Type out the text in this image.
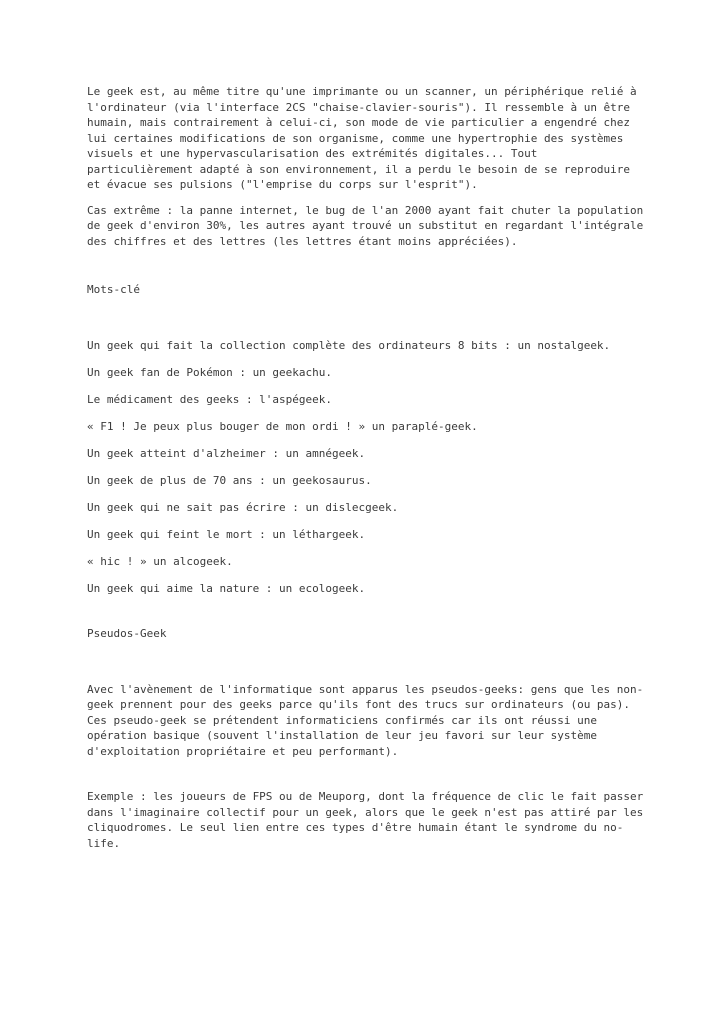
Le geek est, au même titre qu'une imprimante ou un scanner, un périphérique relié à l'ordinateur (via l'interface 2CS "chaise-clavier-souris"). Il ressemble à un être humain, mais contrairement à celui-ci, son mode de vie particulier a engendré chez lui certaines modifications de son organisme, comme une hypertrophie des systèmes visuels et une hypervascularisation des extrémités digitales... Tout particulièrement adapté à son environnement, il a perdu le besoin de se reproduire et évacue ses pulsions ("l'emprise du corps sur l'esprit").

Cas extrême : la panne internet, le bug de l'an 2000 ayant fait chuter la population de geek d'environ 30%, les autres ayant trouvé un substitut en regardant l'intégrale des chiffres et des lettres (les lettres étant moins appréciées).

Mots-clé

Un geek qui fait la collection complète des ordinateurs 8 bits : un nostalgeek.

Un geek fan de Pokémon : un geekachu.

Le médicament des geeks : l'aspégeek.

« F1 ! Je peux plus bouger de mon ordi ! » un paraplé-geek.

Un geek atteint d'alzheimer : un amnégeek.

Un geek de plus de 70 ans : un geekosaurus.

Un geek qui ne sait pas écrire : un dislecgeek.

Un geek qui feint le mort : un léthargeek.

« hic ! » un alcogeek.

Un geek qui aime la nature : un ecologeek.

Pseudos-Geek

Avec l'avènement de l'informatique sont apparus les pseudos-geeks: gens que les non-geek prennent pour des geeks parce qu'ils font des trucs sur ordinateurs (ou pas). Ces pseudo-geek se prétendent informaticiens confirmés car ils ont réussi une opération basique (souvent l'installation de leur jeu favori sur leur système d'exploitation propriétaire et peu performant).

Exemple : les joueurs de FPS ou de Meuporg, dont la fréquence de clic le fait passer dans l'imaginaire collectif pour un geek, alors que le geek n'est pas attiré par les cliquodromes. Le seul lien entre ces types d'être humain étant le syndrome du no-life.
